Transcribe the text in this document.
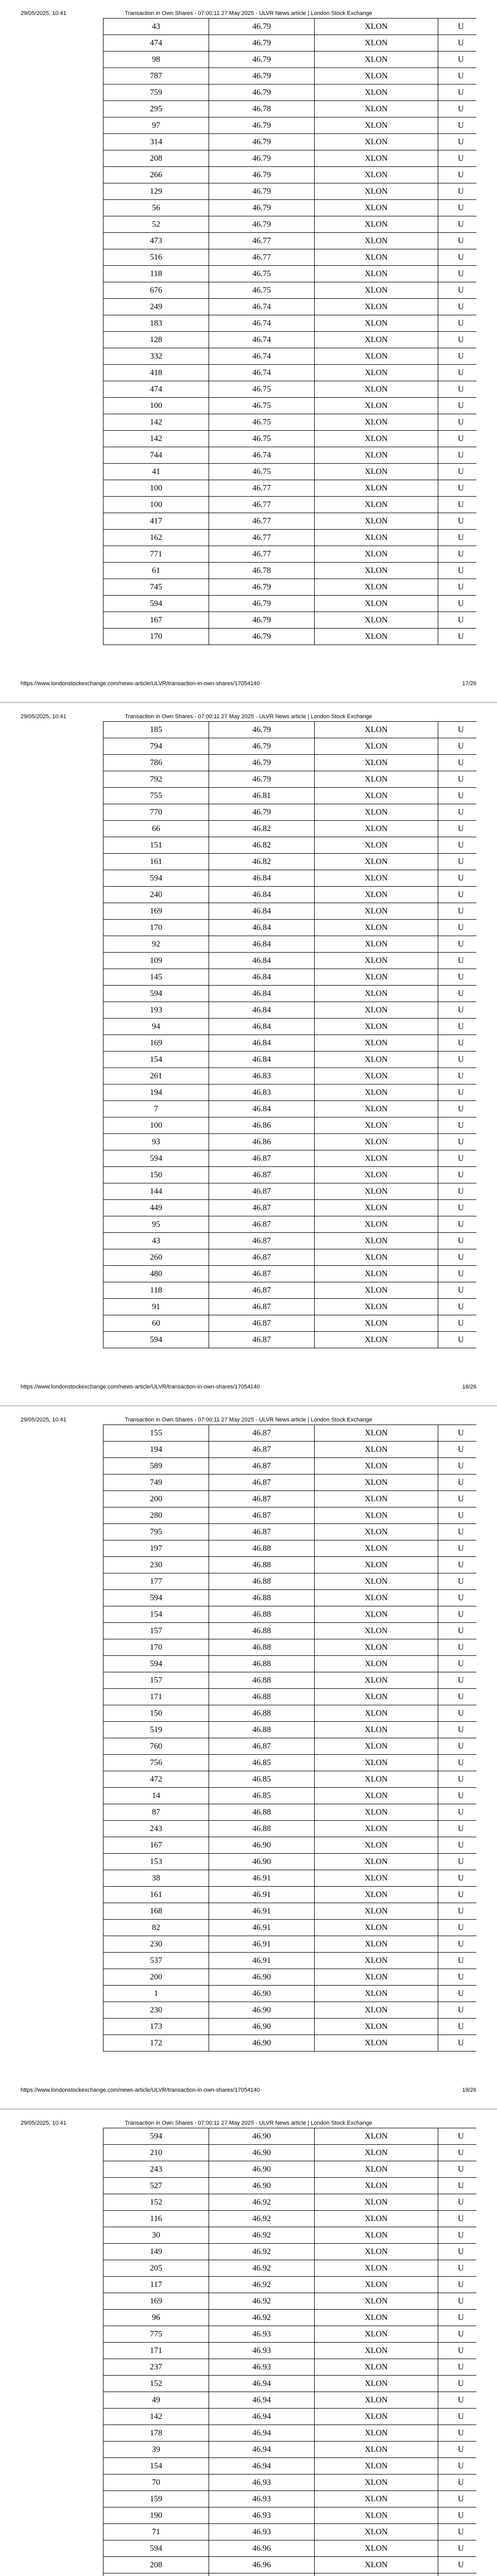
29/05/2025, 10:41	Transaction in Own Shares - 07:00:11 27 May 2025 - ULVR News article | London Stock Exchange
43	46.79	XLON	U
474	46.79	XLON	U
98	46.79	XLON	U
787	46.79	XLON	U
759	46.79	XLON	U
295	46.78	XLON	U
97	46.79	XLON	U
314	46.79	XLON	U
208	46.79	XLON	U
266	46.79	XLON	U
129	46.79	XLON	U
56	46.79	XLON	U
52	46.79	XLON	U
473	46.77	XLON	U
516	46.77	XLON	U
118	46.75	XLON	U
676	46.75	XLON	U
249	46.74	XLON	U
183	46.74	XLON	U
128	46.74	XLON	U
332	46.74	XLON	U
418	46.74	XLON	U
474	46.75	XLON	U
100	46.75	XLON	U
142	46.75	XLON	U
142	46.75	XLON	U
744	46.74	XLON	U
41	46.75	XLON	U
100	46.77	XLON	U
100	46.77	XLON	U
417	46.77	XLON	U
162	46.77	XLON	U
771	46.77	XLON	U
61	46.78	XLON	U
745	46.79	XLON	U
594	46.79	XLON	U
167	46.79	XLON	U
170	46.79	XLON	U
https://www.londonstockexchange.com/news-article/ULVR/transaction-in-own-shares/17054140	17/26
29/05/2025, 10:41	Transaction in Own Shares - 07:00:11 27 May 2025 - ULVR News article | London Stock Exchange
185	46.79	XLON	U
794	46.79	XLON	U
786	46.79	XLON	U
792	46.79	XLON	U
755	46.81	XLON	U
770	46.79	XLON	U
66	46.82	XLON	U
151	46.82	XLON	U
161	46.82	XLON	U
594	46.84	XLON	U
240	46.84	XLON	U
169	46.84	XLON	U
170	46.84	XLON	U
92	46.84	XLON	U
109	46.84	XLON	U
145	46.84	XLON	U
594	46.84	XLON	U
193	46.84	XLON	U
94	46.84	XLON	U
169	46.84	XLON	U
154	46.84	XLON	U
261	46.83	XLON	U
194	46.83	XLON	U
7	46.84	XLON	U
100	46.86	XLON	U
93	46.86	XLON	U
594	46.87	XLON	U
150	46.87	XLON	U
144	46.87	XLON	U
449	46.87	XLON	U
95	46.87	XLON	U
43	46.87	XLON	U
260	46.87	XLON	U
480	46.87	XLON	U
118	46.87	XLON	U
91	46.87	XLON	U
60	46.87	XLON	U
594	46.87	XLON	U
https://www.londonstockexchange.com/news-article/ULVR/transaction-in-own-shares/17054140	18/26
29/05/2025, 10:41	Transaction in Own Shares - 07:00:11 27 May 2025 - ULVR News article | London Stock Exchange
155	46.87	XLON	U
194	46.87	XLON	U
589	46.87	XLON	U
749	46.87	XLON	U
200	46.87	XLON	U
280	46.87	XLON	U
795	46.87	XLON	U
197	46.88	XLON	U
230	46.88	XLON	U
177	46.88	XLON	U
594	46.88	XLON	U
154	46.88	XLON	U
157	46.88	XLON	U
170	46.88	XLON	U
594	46.88	XLON	U
157	46.88	XLON	U
171	46.88	XLON	U
150	46.88	XLON	U
519	46.88	XLON	U
760	46.87	XLON	U
756	46.85	XLON	U
472	46.85	XLON	U
14	46.85	XLON	U
87	46.88	XLON	U
243	46.88	XLON	U
167	46.90	XLON	U
153	46.90	XLON	U
38	46.91	XLON	U
161	46.91	XLON	U
168	46.91	XLON	U
82	46.91	XLON	U
230	46.91	XLON	U
537	46.91	XLON	U
200	46.90	XLON	U
1	46.90	XLON	U
230	46.90	XLON	U
173	46.90	XLON	U
172	46.90	XLON	U
https://www.londonstockexchange.com/news-article/ULVR/transaction-in-own-shares/17054140	19/26
29/05/2025, 10:41	Transaction in Own Shares - 07:00:11 27 May 2025 - ULVR News article | London Stock Exchange
594	46.90	XLON	U
210	46.90	XLON	U
243	46.90	XLON	U
527	46.90	XLON	U
152	46.92	XLON	U
116	46.92	XLON	U
30	46.92	XLON	U
149	46.92	XLON	U
205	46.92	XLON	U
117	46.92	XLON	U
169	46.92	XLON	U
96	46.92	XLON	U
775	46.93	XLON	U
171	46.93	XLON	U
237	46.93	XLON	U
152	46.94	XLON	U
49	46.94	XLON	U
142	46.94	XLON	U
178	46.94	XLON	U
39	46.94	XLON	U
154	46.94	XLON	U
70	46.93	XLON	U
159	46.93	XLON	U
190	46.93	XLON	U
71	46.93	XLON	U
594	46.96	XLON	U
208	46.96	XLON	U
